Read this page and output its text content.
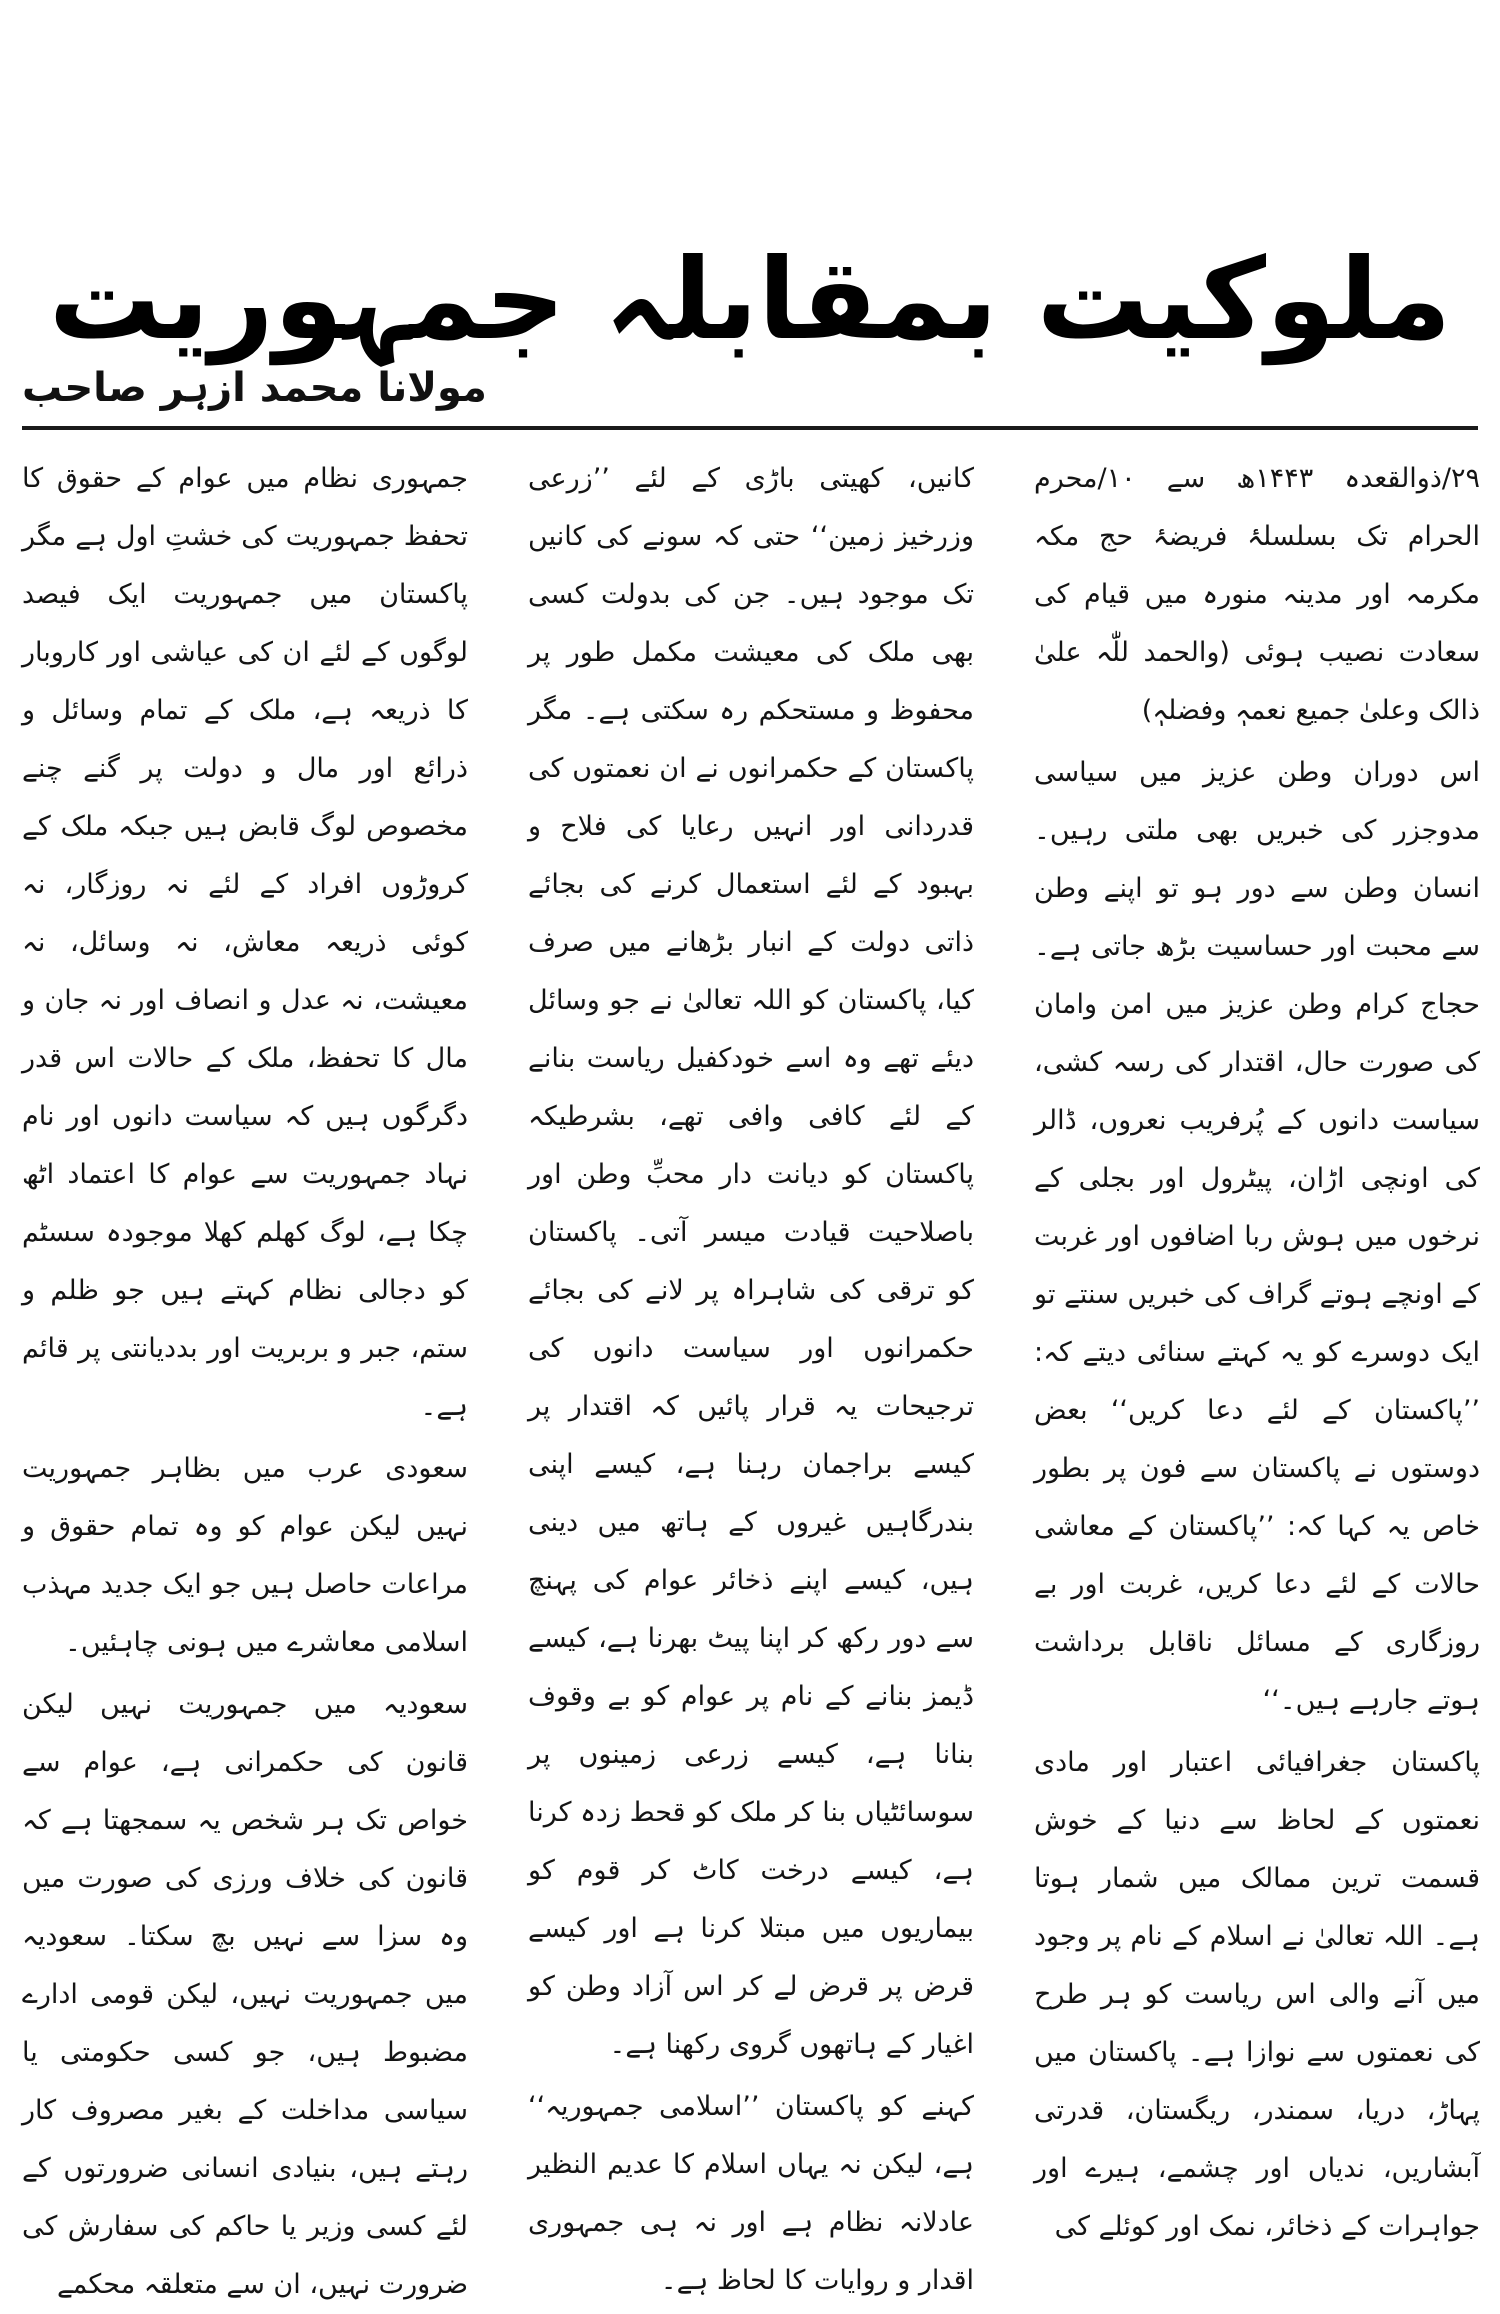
ملوکیت بمقابلہ جمہوریت
مولانا محمد ازہر صاحب

۲۹/ذوالقعدہ ۱۴۴۳ھ سے ۱۰/محرم الحرام تک بسلسلۂ فریضۂ حج مکہ مکرمہ اور مدینہ منورہ میں قیام کی سعادت نصیب ہوئی (والحمد للّٰہ علیٰ ذالک وعلیٰ جمیع نعمہٖ وفضلہٖ)

اس دوران وطن عزیز میں سیاسی مدوجزر کی خبریں بھی ملتی رہیں۔ انسان وطن سے دور ہو تو اپنے وطن سے محبت اور حساسیت بڑھ جاتی ہے۔ حجاج کرام وطن عزیز میں امن وامان کی صورت حال، اقتدار کی رسہ کشی، سیاست دانوں کے پُرفریب نعروں، ڈالر کی اونچی اڑان، پیٹرول اور بجلی کے نرخوں میں ہوش ربا اضافوں اور غربت کے اونچے ہوتے گراف کی خبریں سنتے تو ایک دوسرے کو یہ کہتے سنائی دیتے کہ: ’’پاکستان کے لئے دعا کریں‘‘ بعض دوستوں نے پاکستان سے فون پر بطور خاص یہ کہا کہ: ’’پاکستان کے معاشی حالات کے لئے دعا کریں، غربت اور بے روزگاری کے مسائل ناقابل برداشت ہوتے جارہے ہیں۔‘‘

پاکستان جغرافیائی اعتبار اور مادی نعمتوں کے لحاظ سے دنیا کے خوش قسمت ترین ممالک میں شمار ہوتا ہے۔ اللہ تعالیٰ نے اسلام کے نام پر وجود میں آنے والی اس ریاست کو ہر طرح کی نعمتوں سے نوازا ہے۔ پاکستان میں پہاڑ، دریا، سمندر، ریگستان، قدرتی آبشاریں، ندیاں اور چشمے، ہیرے اور جواہرات کے ذخائر، نمک اور کوئلے کی

کانیں، کھیتی باڑی کے لئے ’’زرعی وزرخیز زمین‘‘ حتی کہ سونے کی کانیں تک موجود ہیں۔ جن کی بدولت کسی بھی ملک کی معیشت مکمل طور پر محفوظ و مستحکم رہ سکتی ہے۔ مگر پاکستان کے حکمرانوں نے ان نعمتوں کی قدردانی اور انہیں رعایا کی فلاح و بہبود کے لئے استعمال کرنے کی بجائے ذاتی دولت کے انبار بڑھانے میں صرف کیا، پاکستان کو اللہ تعالیٰ نے جو وسائل دیئے تھے وہ اسے خودکفیل ریاست بنانے کے لئے کافی وافی تھے، بشرطیکہ پاکستان کو دیانت دار محبِّ وطن اور باصلاحیت قیادت میسر آتی۔ پاکستان کو ترقی کی شاہراہ پر لانے کی بجائے حکمرانوں اور سیاست دانوں کی ترجیحات یہ قرار پائیں کہ اقتدار پر کیسے براجمان رہنا ہے، کیسے اپنی بندرگاہیں غیروں کے ہاتھ میں دینی ہیں، کیسے اپنے ذخائر عوام کی پہنچ سے دور رکھ کر اپنا پیٹ بھرنا ہے، کیسے ڈیمز بنانے کے نام پر عوام کو بے وقوف بنانا ہے، کیسے زرعی زمینوں پر سوسائٹیاں بنا کر ملک کو قحط زدہ کرنا ہے، کیسے درخت کاٹ کر قوم کو بیماریوں میں مبتلا کرنا ہے اور کیسے قرض پر قرض لے کر اس آزاد وطن کو اغیار کے ہاتھوں گروی رکھنا ہے۔

کہنے کو پاکستان ’’اسلامی جمہوریہ‘‘ ہے، لیکن نہ یہاں اسلام کا عدیم النظیر عادلانہ نظام ہے اور نہ ہی جمہوری اقدار و روایات کا لحاظ ہے۔

جمہوری نظام میں عوام کے حقوق کا تحفظ جمہوریت کی خشتِ اول ہے مگر پاکستان میں جمہوریت ایک فیصد لوگوں کے لئے ان کی عیاشی اور کاروبار کا ذریعہ ہے، ملک کے تمام وسائل و ذرائع اور مال و دولت پر گنے چنے مخصوص لوگ قابض ہیں جبکہ ملک کے کروڑوں افراد کے لئے نہ روزگار، نہ کوئی ذریعہ معاش، نہ وسائل، نہ معیشت، نہ عدل و انصاف اور نہ جان و مال کا تحفظ، ملک کے حالات اس قدر دگرگوں ہیں کہ سیاست دانوں اور نام نہاد جمہوریت سے عوام کا اعتماد اٹھ چکا ہے، لوگ کھلم کھلا موجودہ سسٹم کو دجالی نظام کہتے ہیں جو ظلم و ستم، جبر و بربریت اور بددیانتی پر قائم ہے۔

سعودی عرب میں بظاہر جمہوریت نہیں لیکن عوام کو وہ تمام حقوق و مراعات حاصل ہیں جو ایک جدید مہذب اسلامی معاشرے میں ہونی چاہئیں۔

سعودیہ میں جمہوریت نہیں لیکن قانون کی حکمرانی ہے، عوام سے خواص تک ہر شخص یہ سمجھتا ہے کہ قانون کی خلاف ورزی کی صورت میں وہ سزا سے نہیں بچ سکتا۔ سعودیہ میں جمہوریت نہیں، لیکن قومی ادارے مضبوط ہیں، جو کسی حکومتی یا سیاسی مداخلت کے بغیر مصروف کار رہتے ہیں، بنیادی انسانی ضرورتوں کے لئے کسی وزیر یا حاکم کی سفارش کی ضرورت نہیں، ان سے متعلقہ محکمے
